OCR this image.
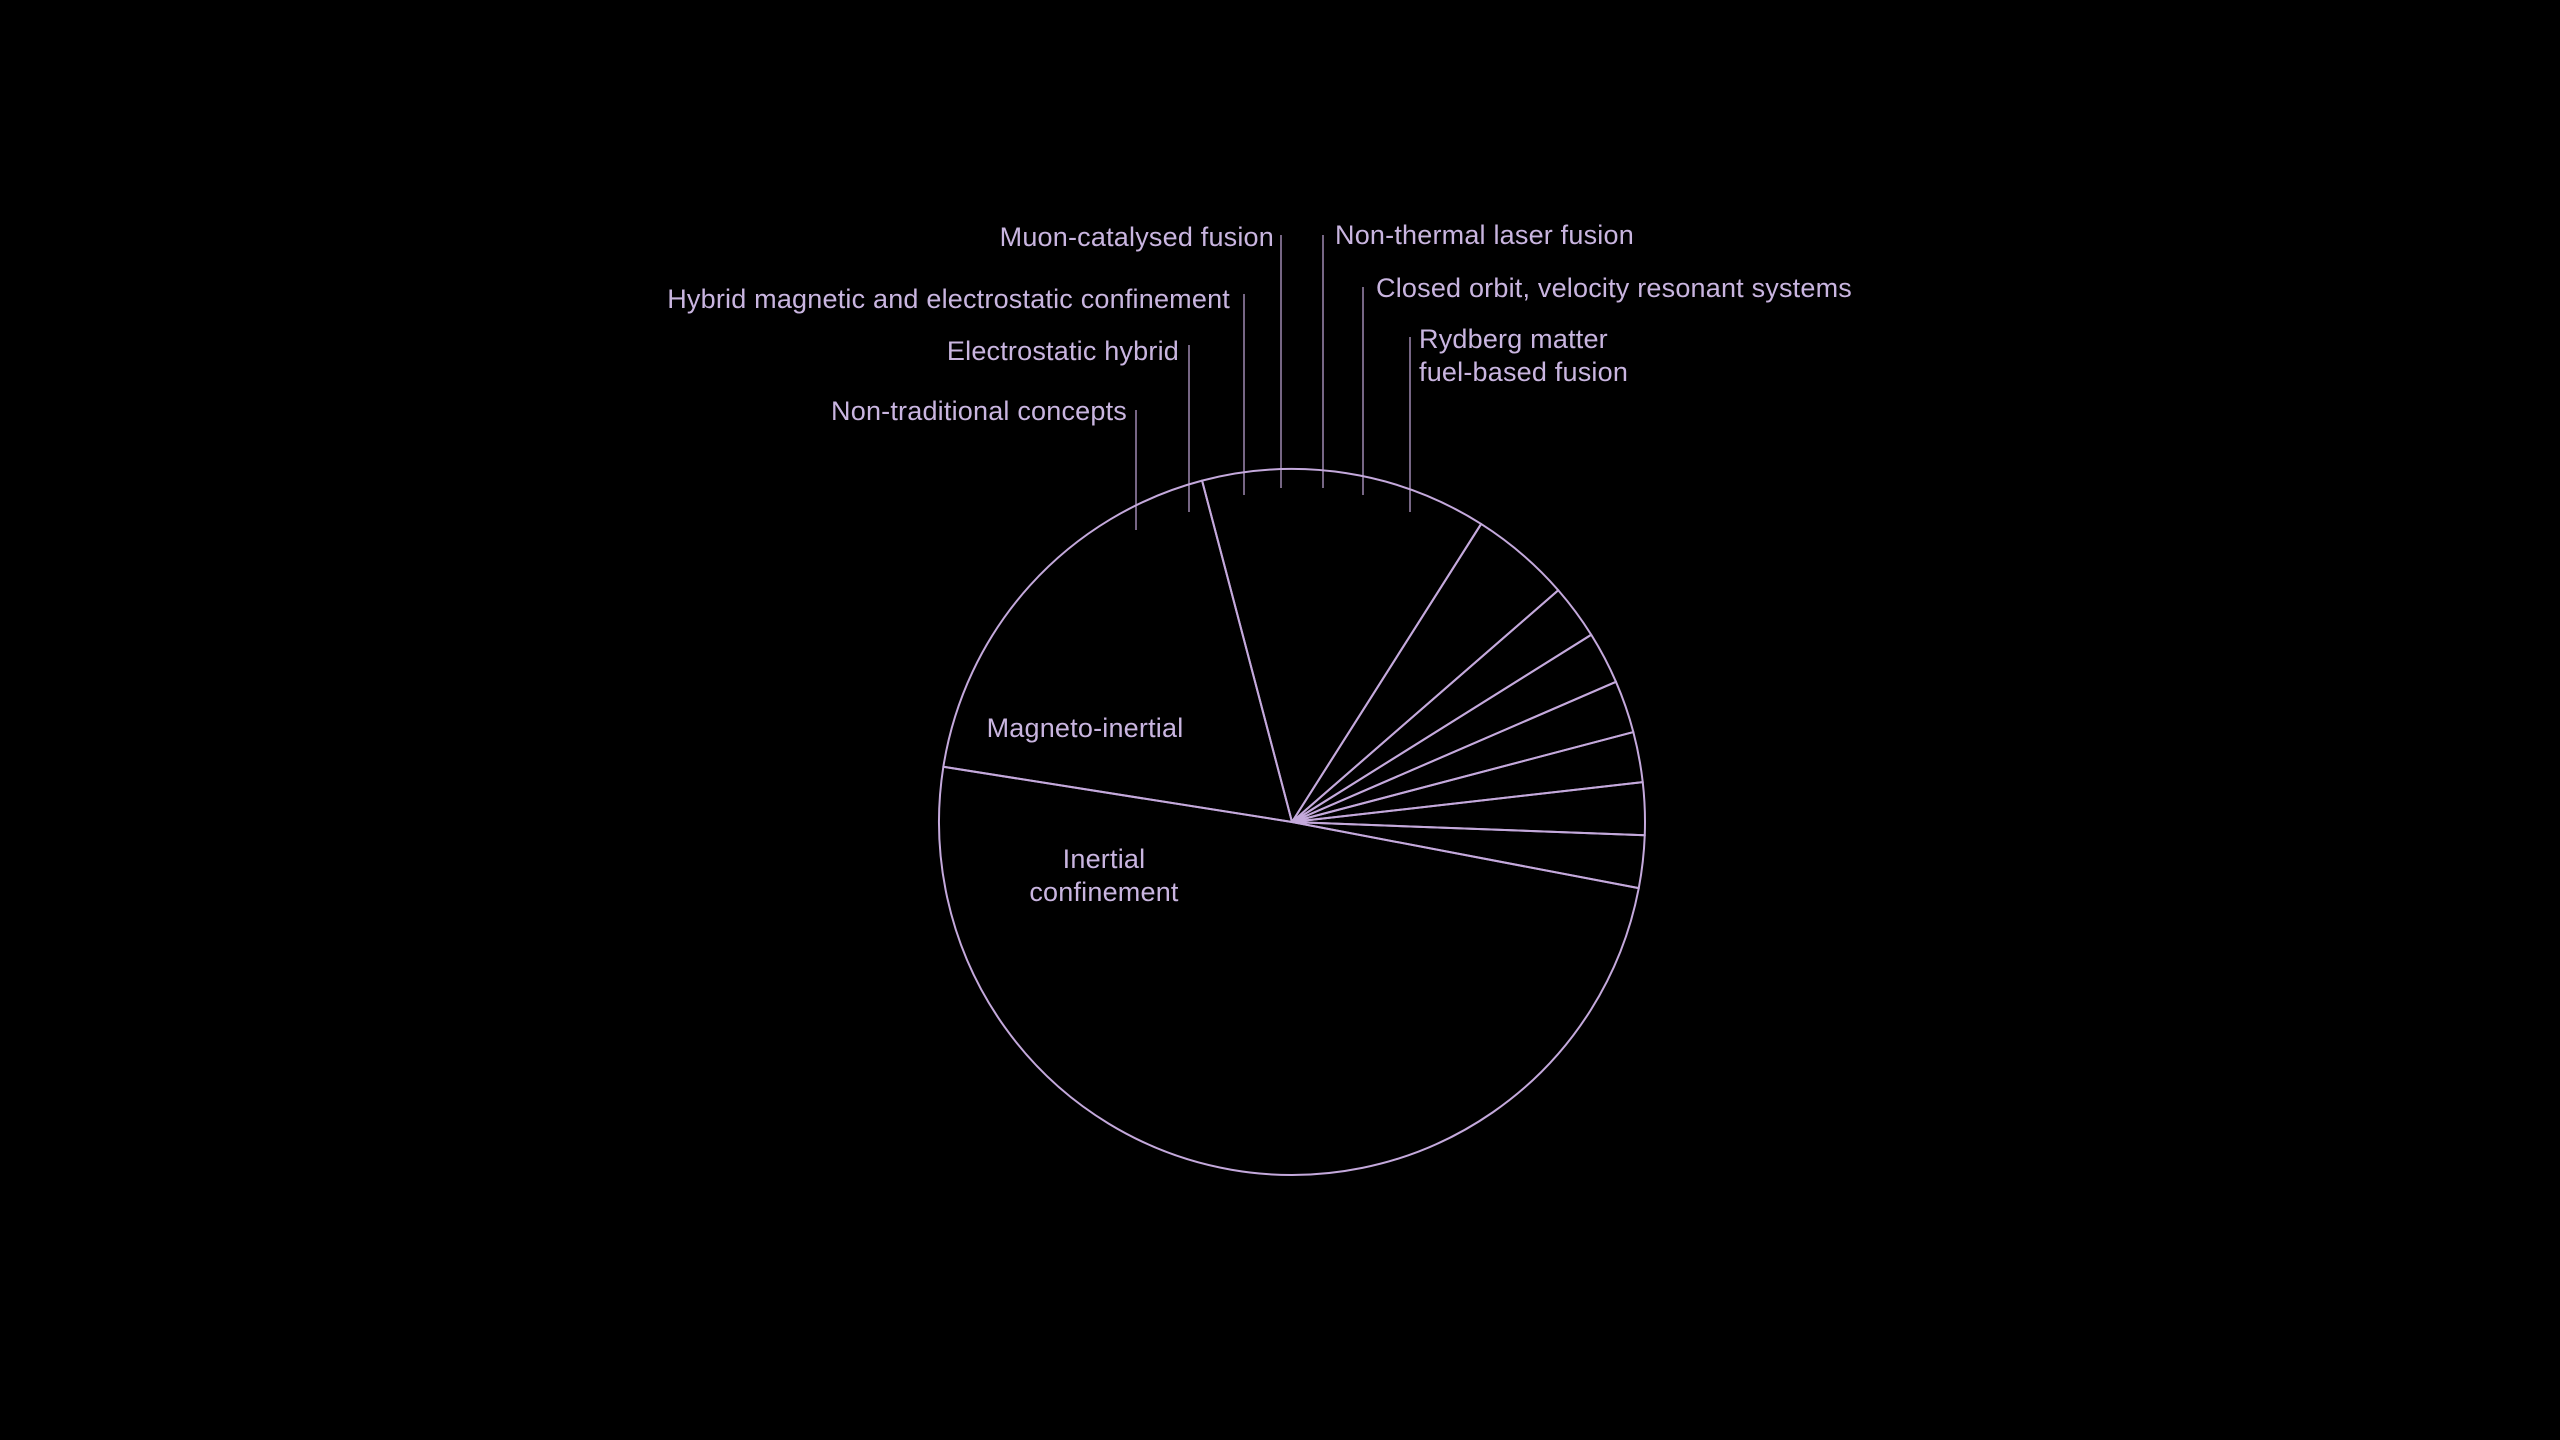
Inertial confinement
Magneto-inertial
Non-traditional concepts
Electrostatic hybrid
Hybrid magnetic and electrostatic confinement
Muon-catalysed fusion Non-thermal laser fusion
Closed orbit, velocity resonant systems
Rydberg matter fuel-based fusion
